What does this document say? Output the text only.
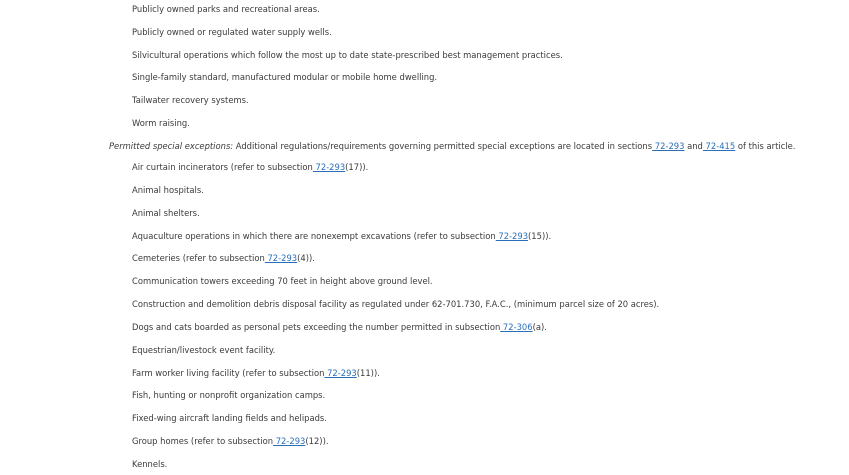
Publicly owned parks and recreational areas.
Publicly owned or regulated water supply wells.
Silvicultural operations which follow the most up to date state-prescribed best management practices.
Single-family standard, manufactured modular or mobile home dwelling.
Tailwater recovery systems.
Worm raising.
Permitted special exceptions: Additional regulations/requirements governing permitted special exceptions are located in sections 72-293 and 72-415 of this article.
Air curtain incinerators (refer to subsection 72-293(17)).
Animal hospitals.
Animal shelters.
Aquaculture operations in which there are nonexempt excavations (refer to subsection 72-293(15)).
Cemeteries (refer to subsection 72-293(4)).
Communication towers exceeding 70 feet in height above ground level.
Construction and demolition debris disposal facility as regulated under 62-701.730, F.A.C., (minimum parcel size of 20 acres).
Dogs and cats boarded as personal pets exceeding the number permitted in subsection 72-306(a).
Equestrian/livestock event facility.
Farm worker living facility (refer to subsection 72-293(11)).
Fish, hunting or nonprofit organization camps.
Fixed-wing aircraft landing fields and helipads.
Group homes (refer to subsection 72-293(12)).
Kennels.
